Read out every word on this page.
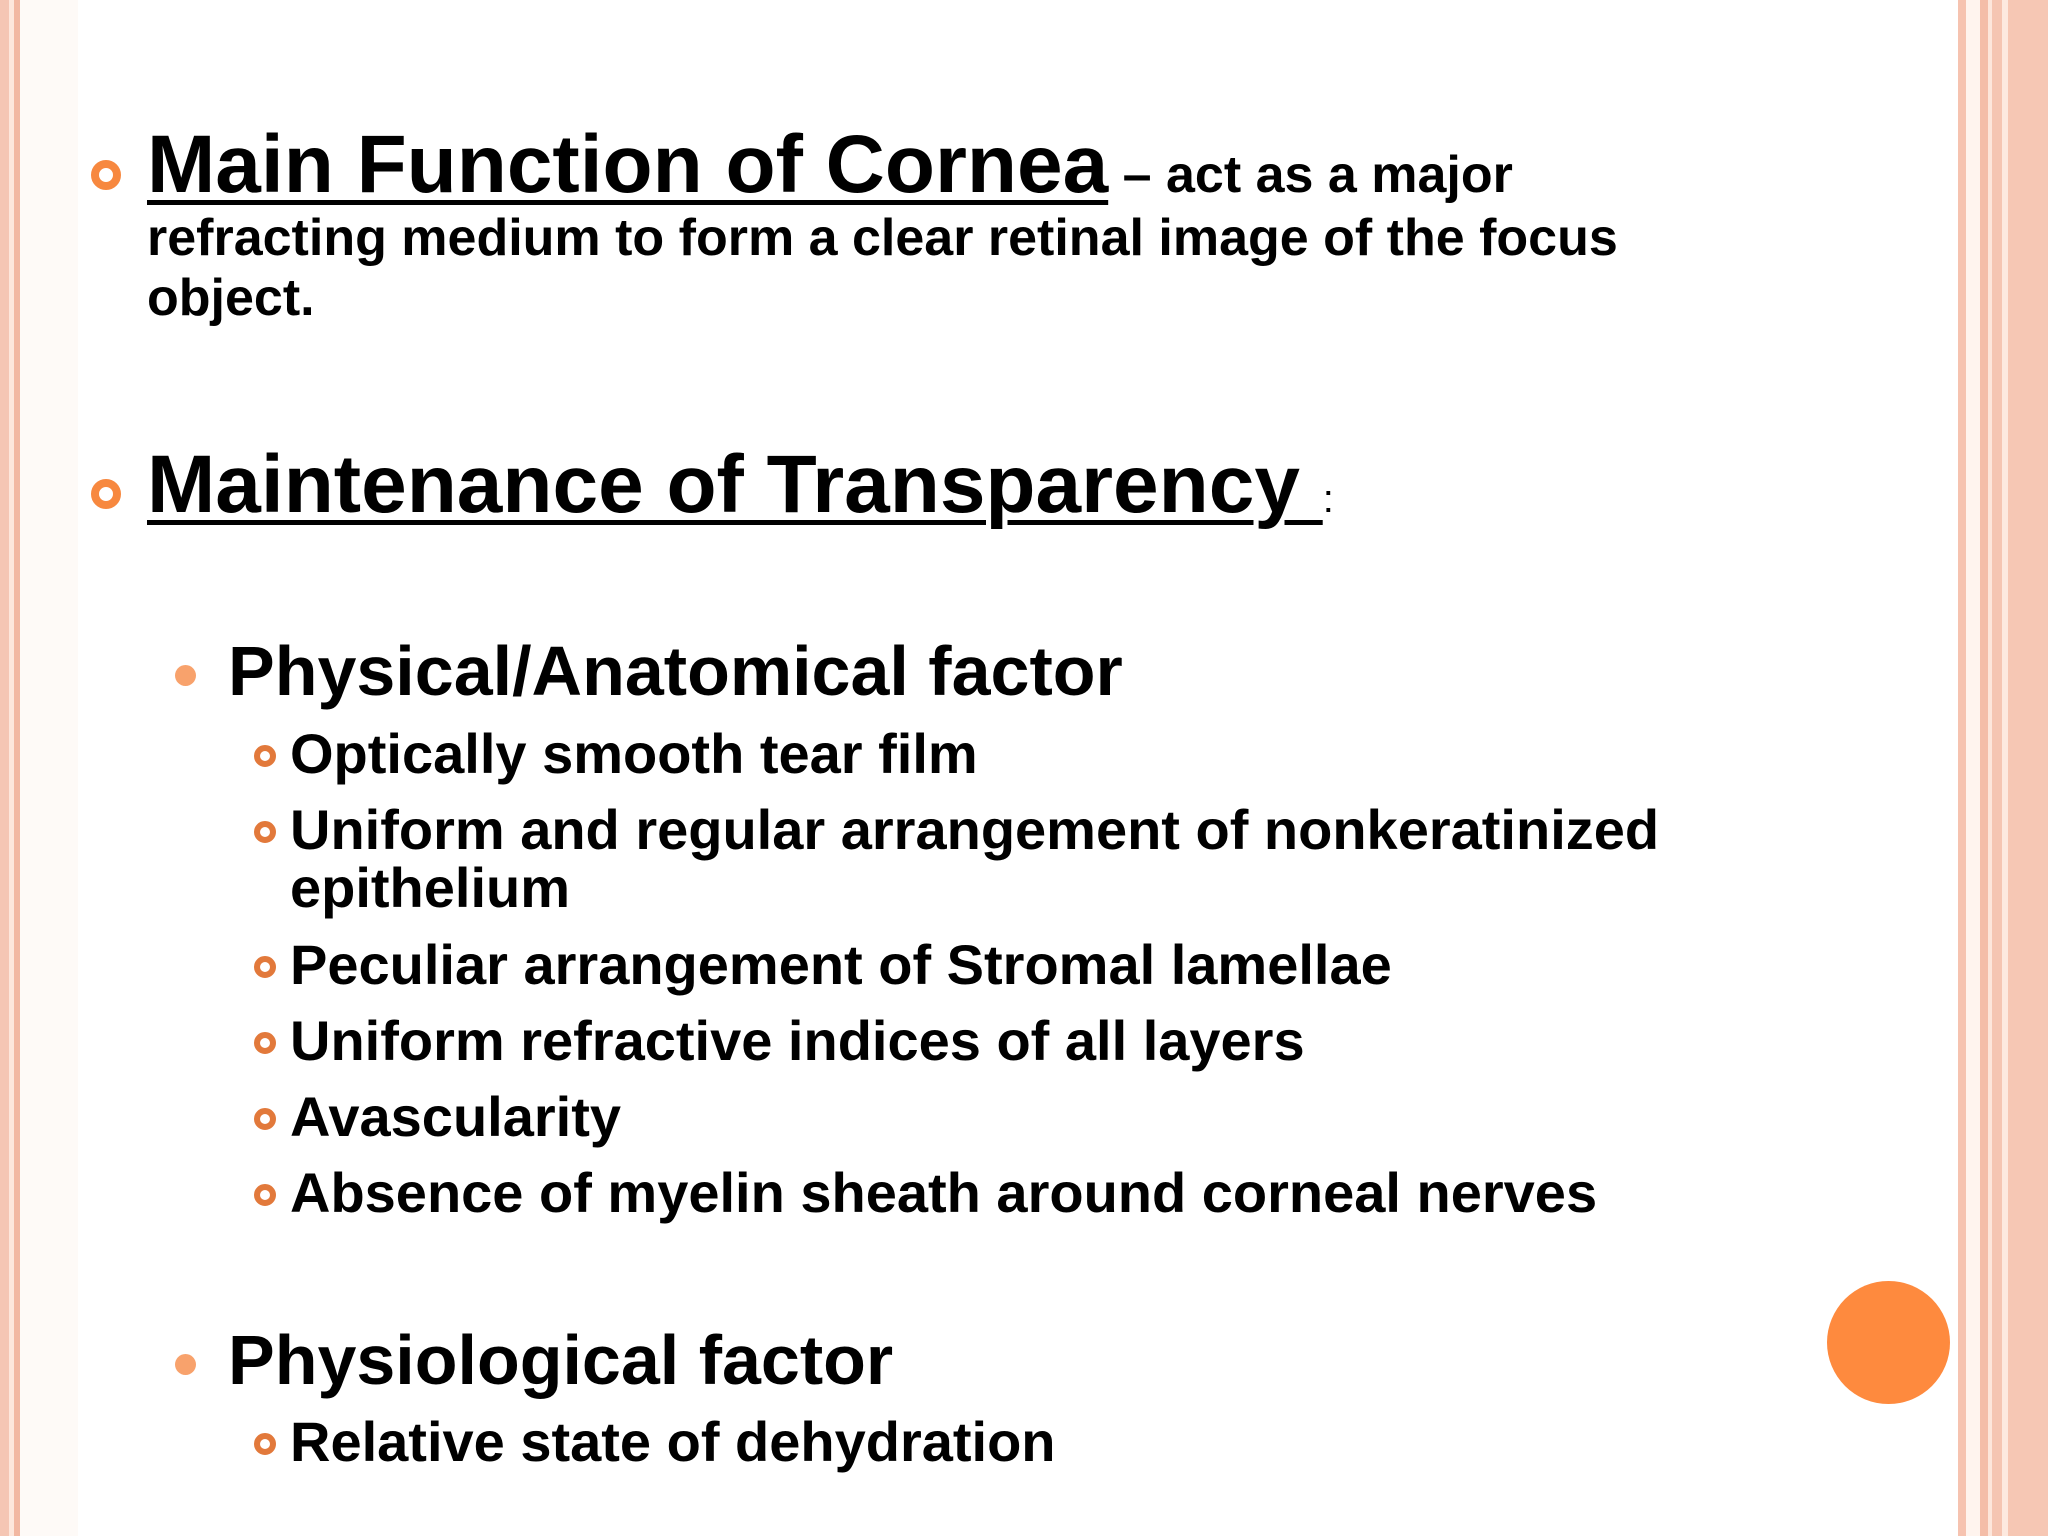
Main Function of Cornea – act as a major
refracting medium to form a clear retinal image of the focus
object.
Maintenance of Transparency :
Physical/Anatomical factor
Optically smooth tear film
Uniform and regular arrangement of nonkeratinized
epithelium
Peculiar arrangement of Stromal lamellae
Uniform refractive indices of all layers
Avascularity
Absence of myelin sheath around corneal nerves
Physiological factor
Relative state of dehydration
